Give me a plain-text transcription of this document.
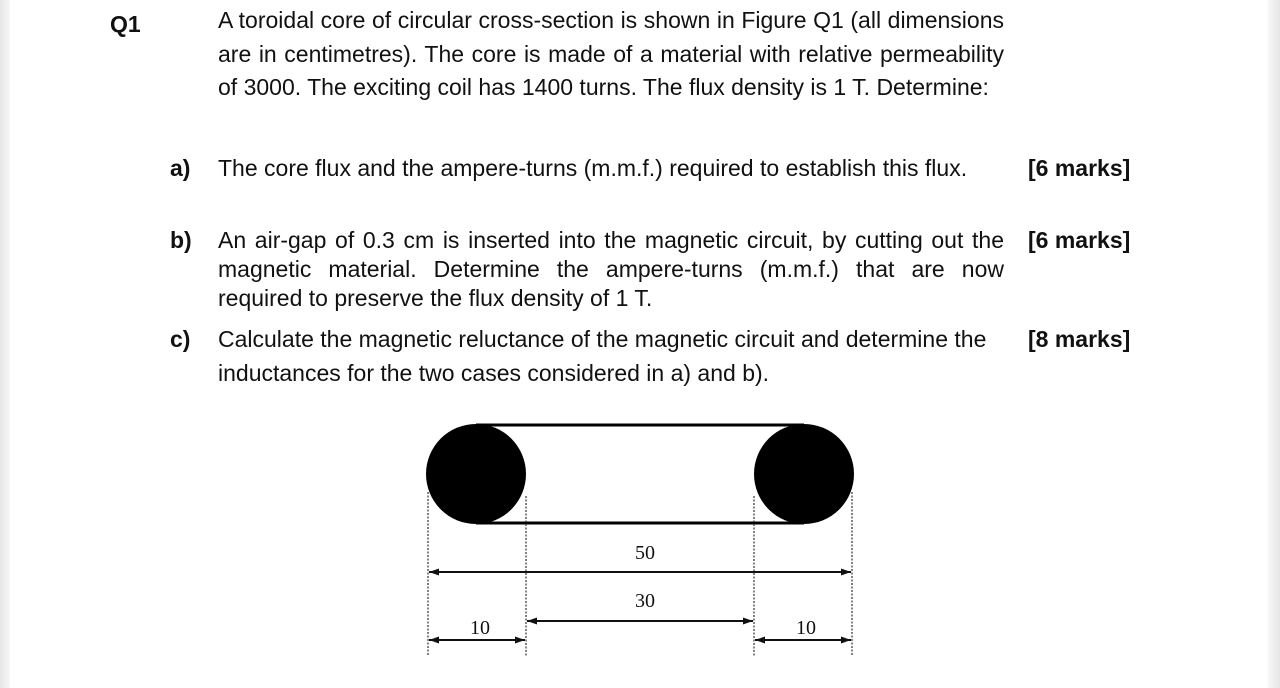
Q1	A toroidal core of circular cross-section is shown in Figure Q1 (all dimensions are in centimetres). The core is made of a material with relative permeability of 3000. The exciting coil has 1400 turns. The flux density is 1 T. Determine:
a) The core flux and the ampere-turns (m.m.f.) required to establish this flux.	[6 marks]
b) An air-gap of 0.3 cm is inserted into the magnetic circuit, by cutting out the magnetic material. Determine the ampere-turns (m.m.f.) that are now required to preserve the flux density of 1 T.
[6 marks]
c) Calculate the magnetic reluctance of the magnetic circuit and determine the inductances for the two cases considered in a) and b).
[8 marks]
50
30
10	10
